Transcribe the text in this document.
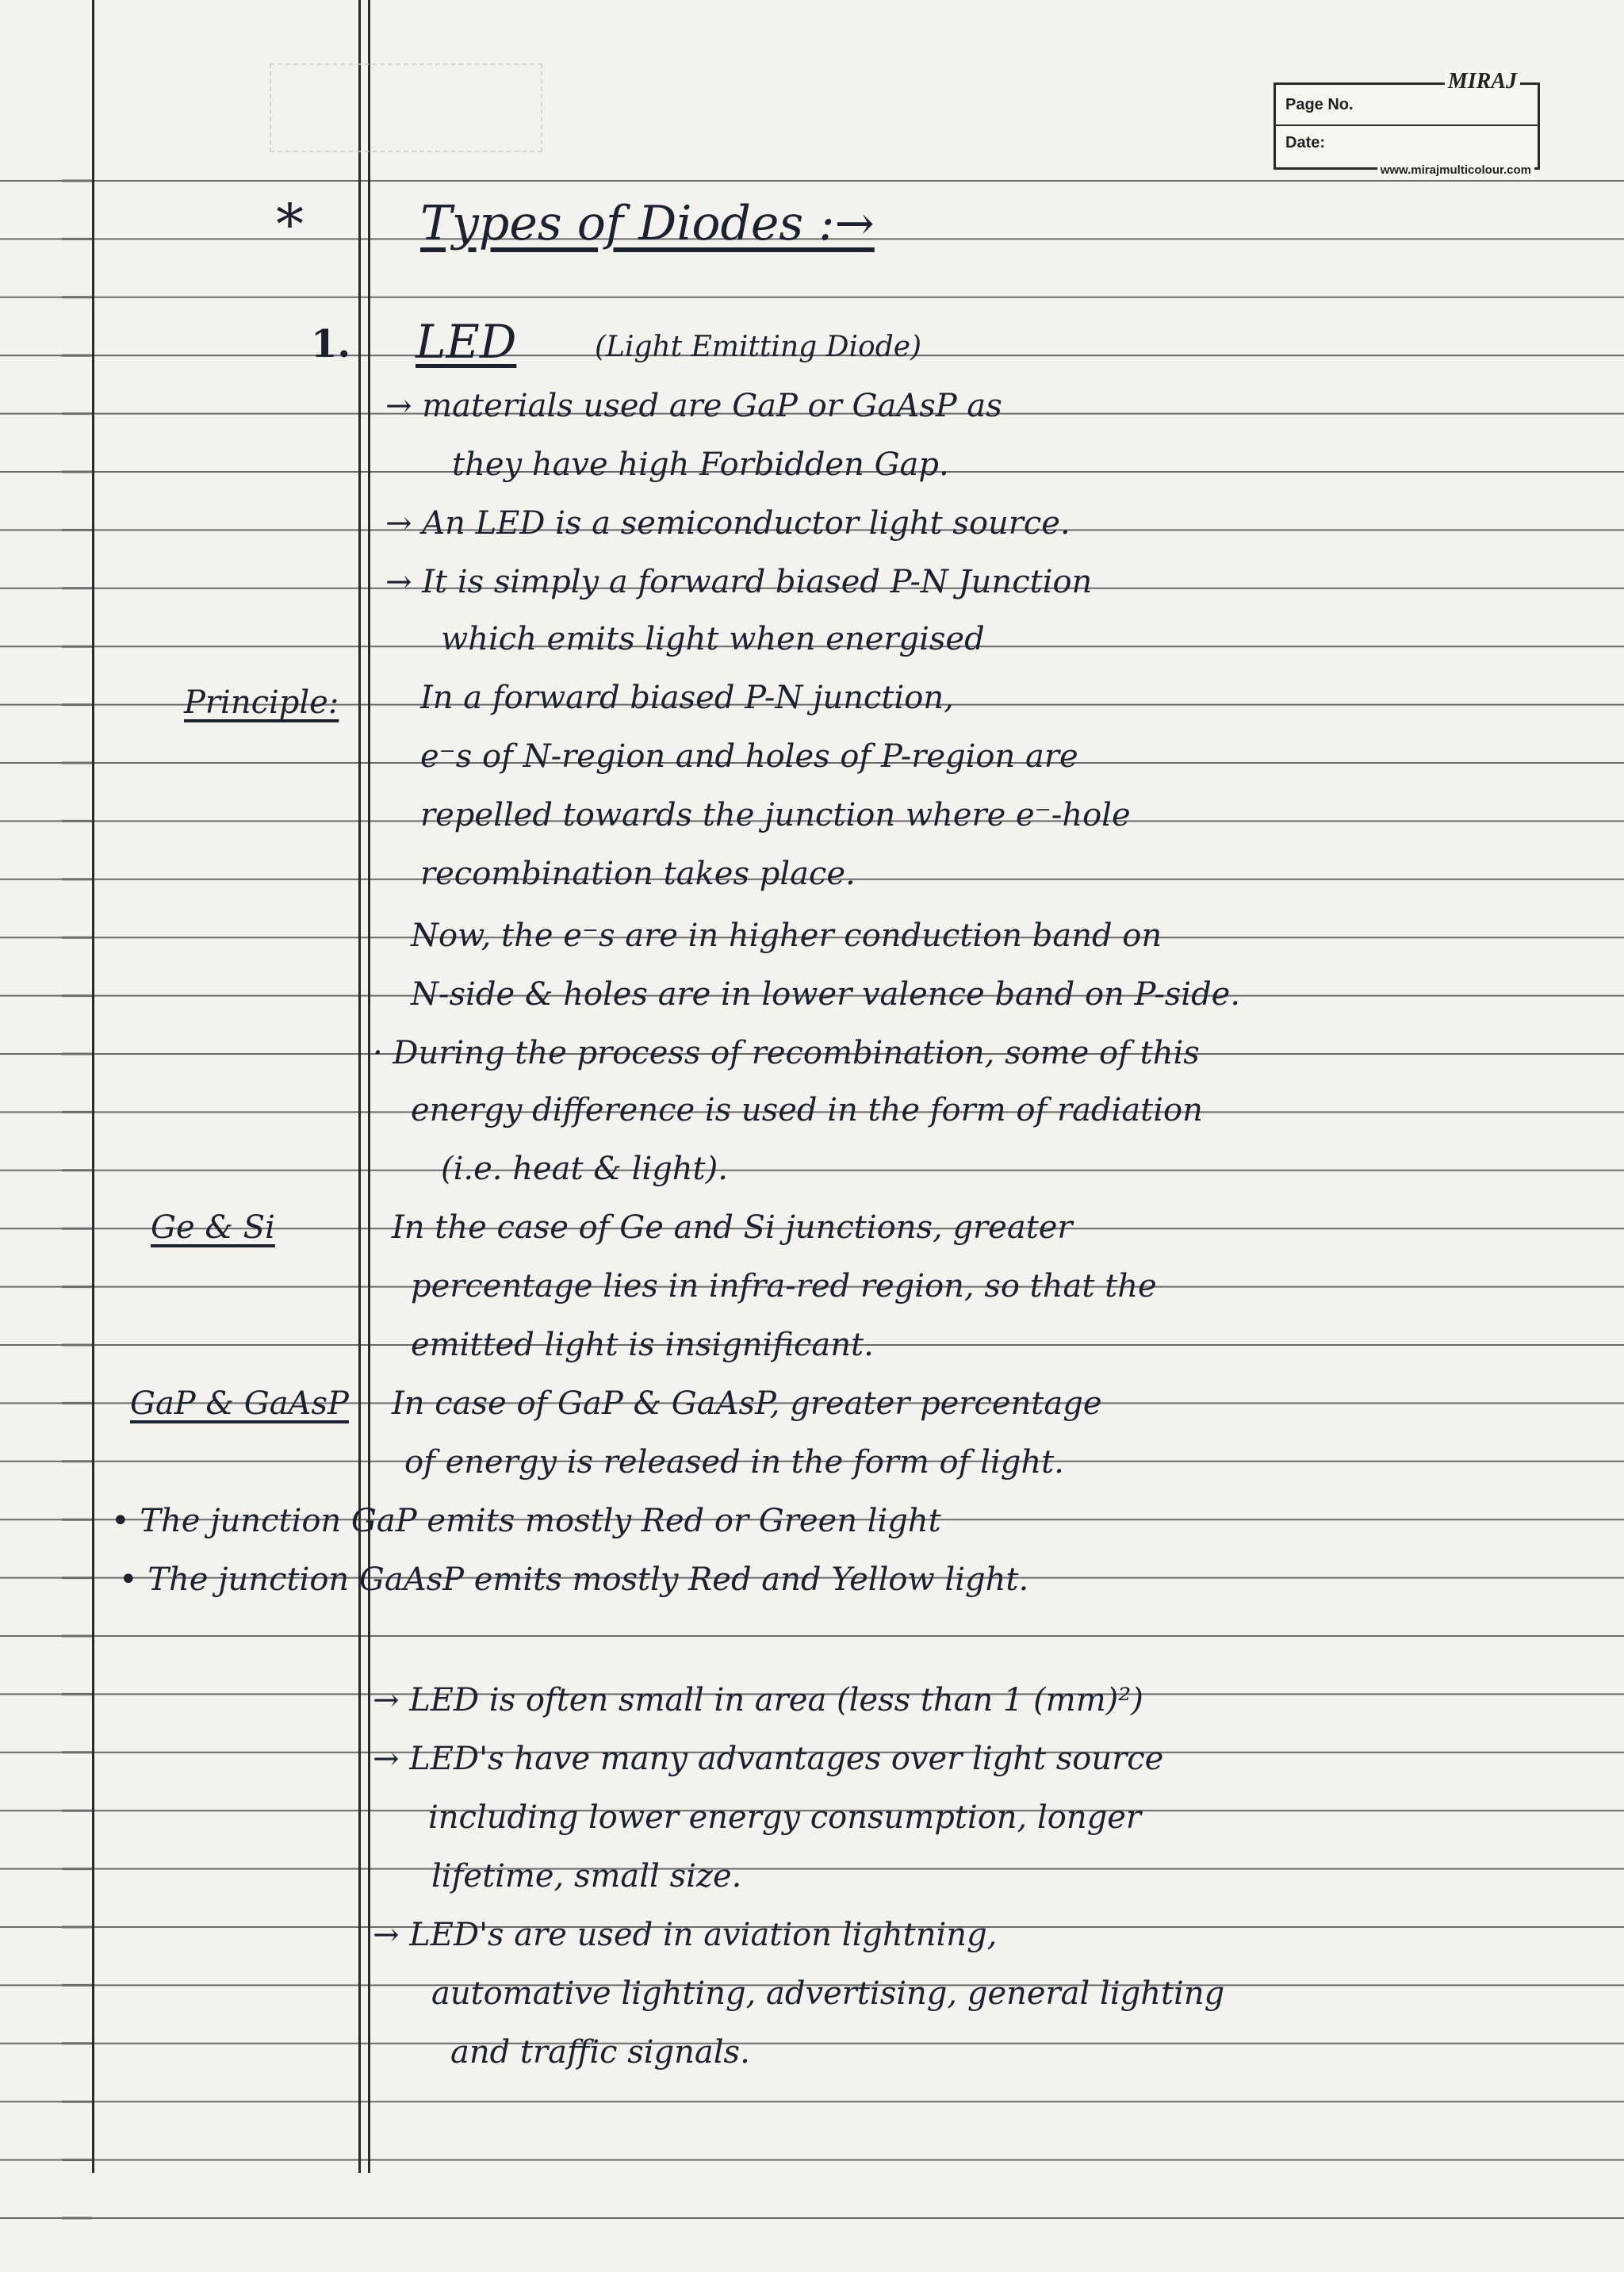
MIRAJ
Page No.
Date:
www.mirajmulticolour.com
* Types of Diodes :→
1. LED	(Light Emitting Diode)
Principle:
Ge & Si
GaP & GaAsP
→ materials used are GaP or GaAsP as
they have high Forbidden Gap.
→ An LED is a semiconductor light source.
→ It is simply a forward biased P-N Junction
which emits light when energised
In a forward biased P-N junction,
e⁻s of N-region and holes of P-region are
repelled towards the junction where e⁻-hole
recombination takes place.
Now, the e⁻s are in higher conduction band on
N-side & holes are in lower valence band on P-side.
· During the process of recombination, some of this
energy difference is used in the form of radiation
(i.e. heat & light).
In the case of Ge and Si junctions, greater
percentage lies in infra-red region, so that the
emitted light is insignificant.
In case of GaP & GaAsP, greater percentage
of energy is released in the form of light.
• The junction GaP emits mostly Red or Green light
• The junction GaAsP emits mostly Red and Yellow light.
→ LED is often small in area (less than 1 (mm)²)
→ LED's have many advantages over light source
including lower energy consumption, longer
lifetime, small size.
→ LED's are used in aviation lightning,
automative lighting, advertising, general lighting
and traffic signals.
